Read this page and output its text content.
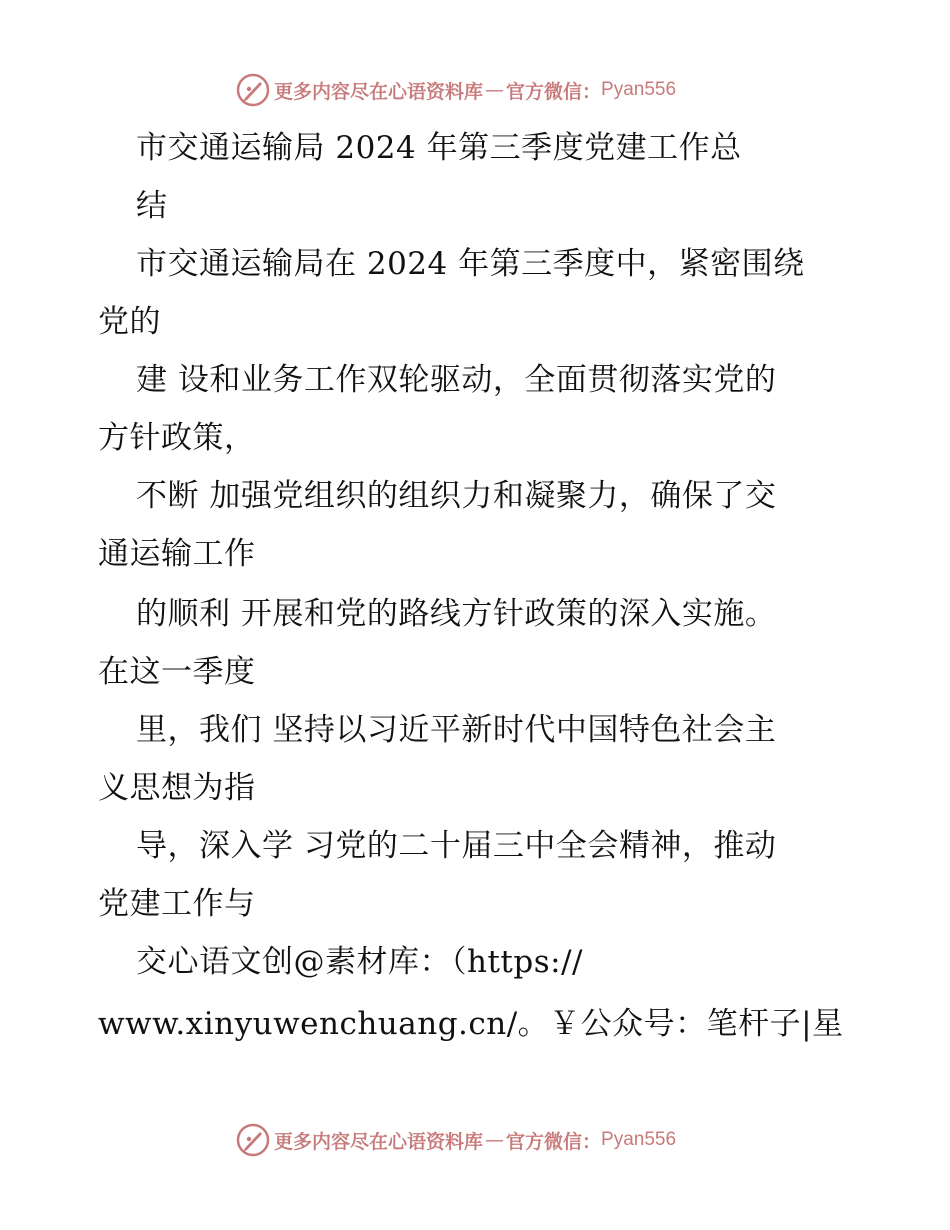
更多内容尽在心语资料库 — 官方微信： Pyan556
市交通运输局 2024 年第三季度党建工作总
结
市交通运输局在 2024 年第三季度中，紧密围绕
党的
建 设和业务工作双轮驱动，全面贯彻落实党的
方针政策，
不断 加强党组织的组织力和凝聚力，确保了交
通运输工作
的顺利 开展和党的路线方针政策的深入实施。
在这一季度
里，我们 坚持以习近平新时代中国特色社会主
义思想为指
导，深入学 习党的二十届三中全会精神，推动
党建工作与
交心语文创@素材库：（https://
www.xinyuwenchuang.cn/。￥公众号：笔杆子|星
更多内容尽在心语资料库 — 官方微信： Pyan556
